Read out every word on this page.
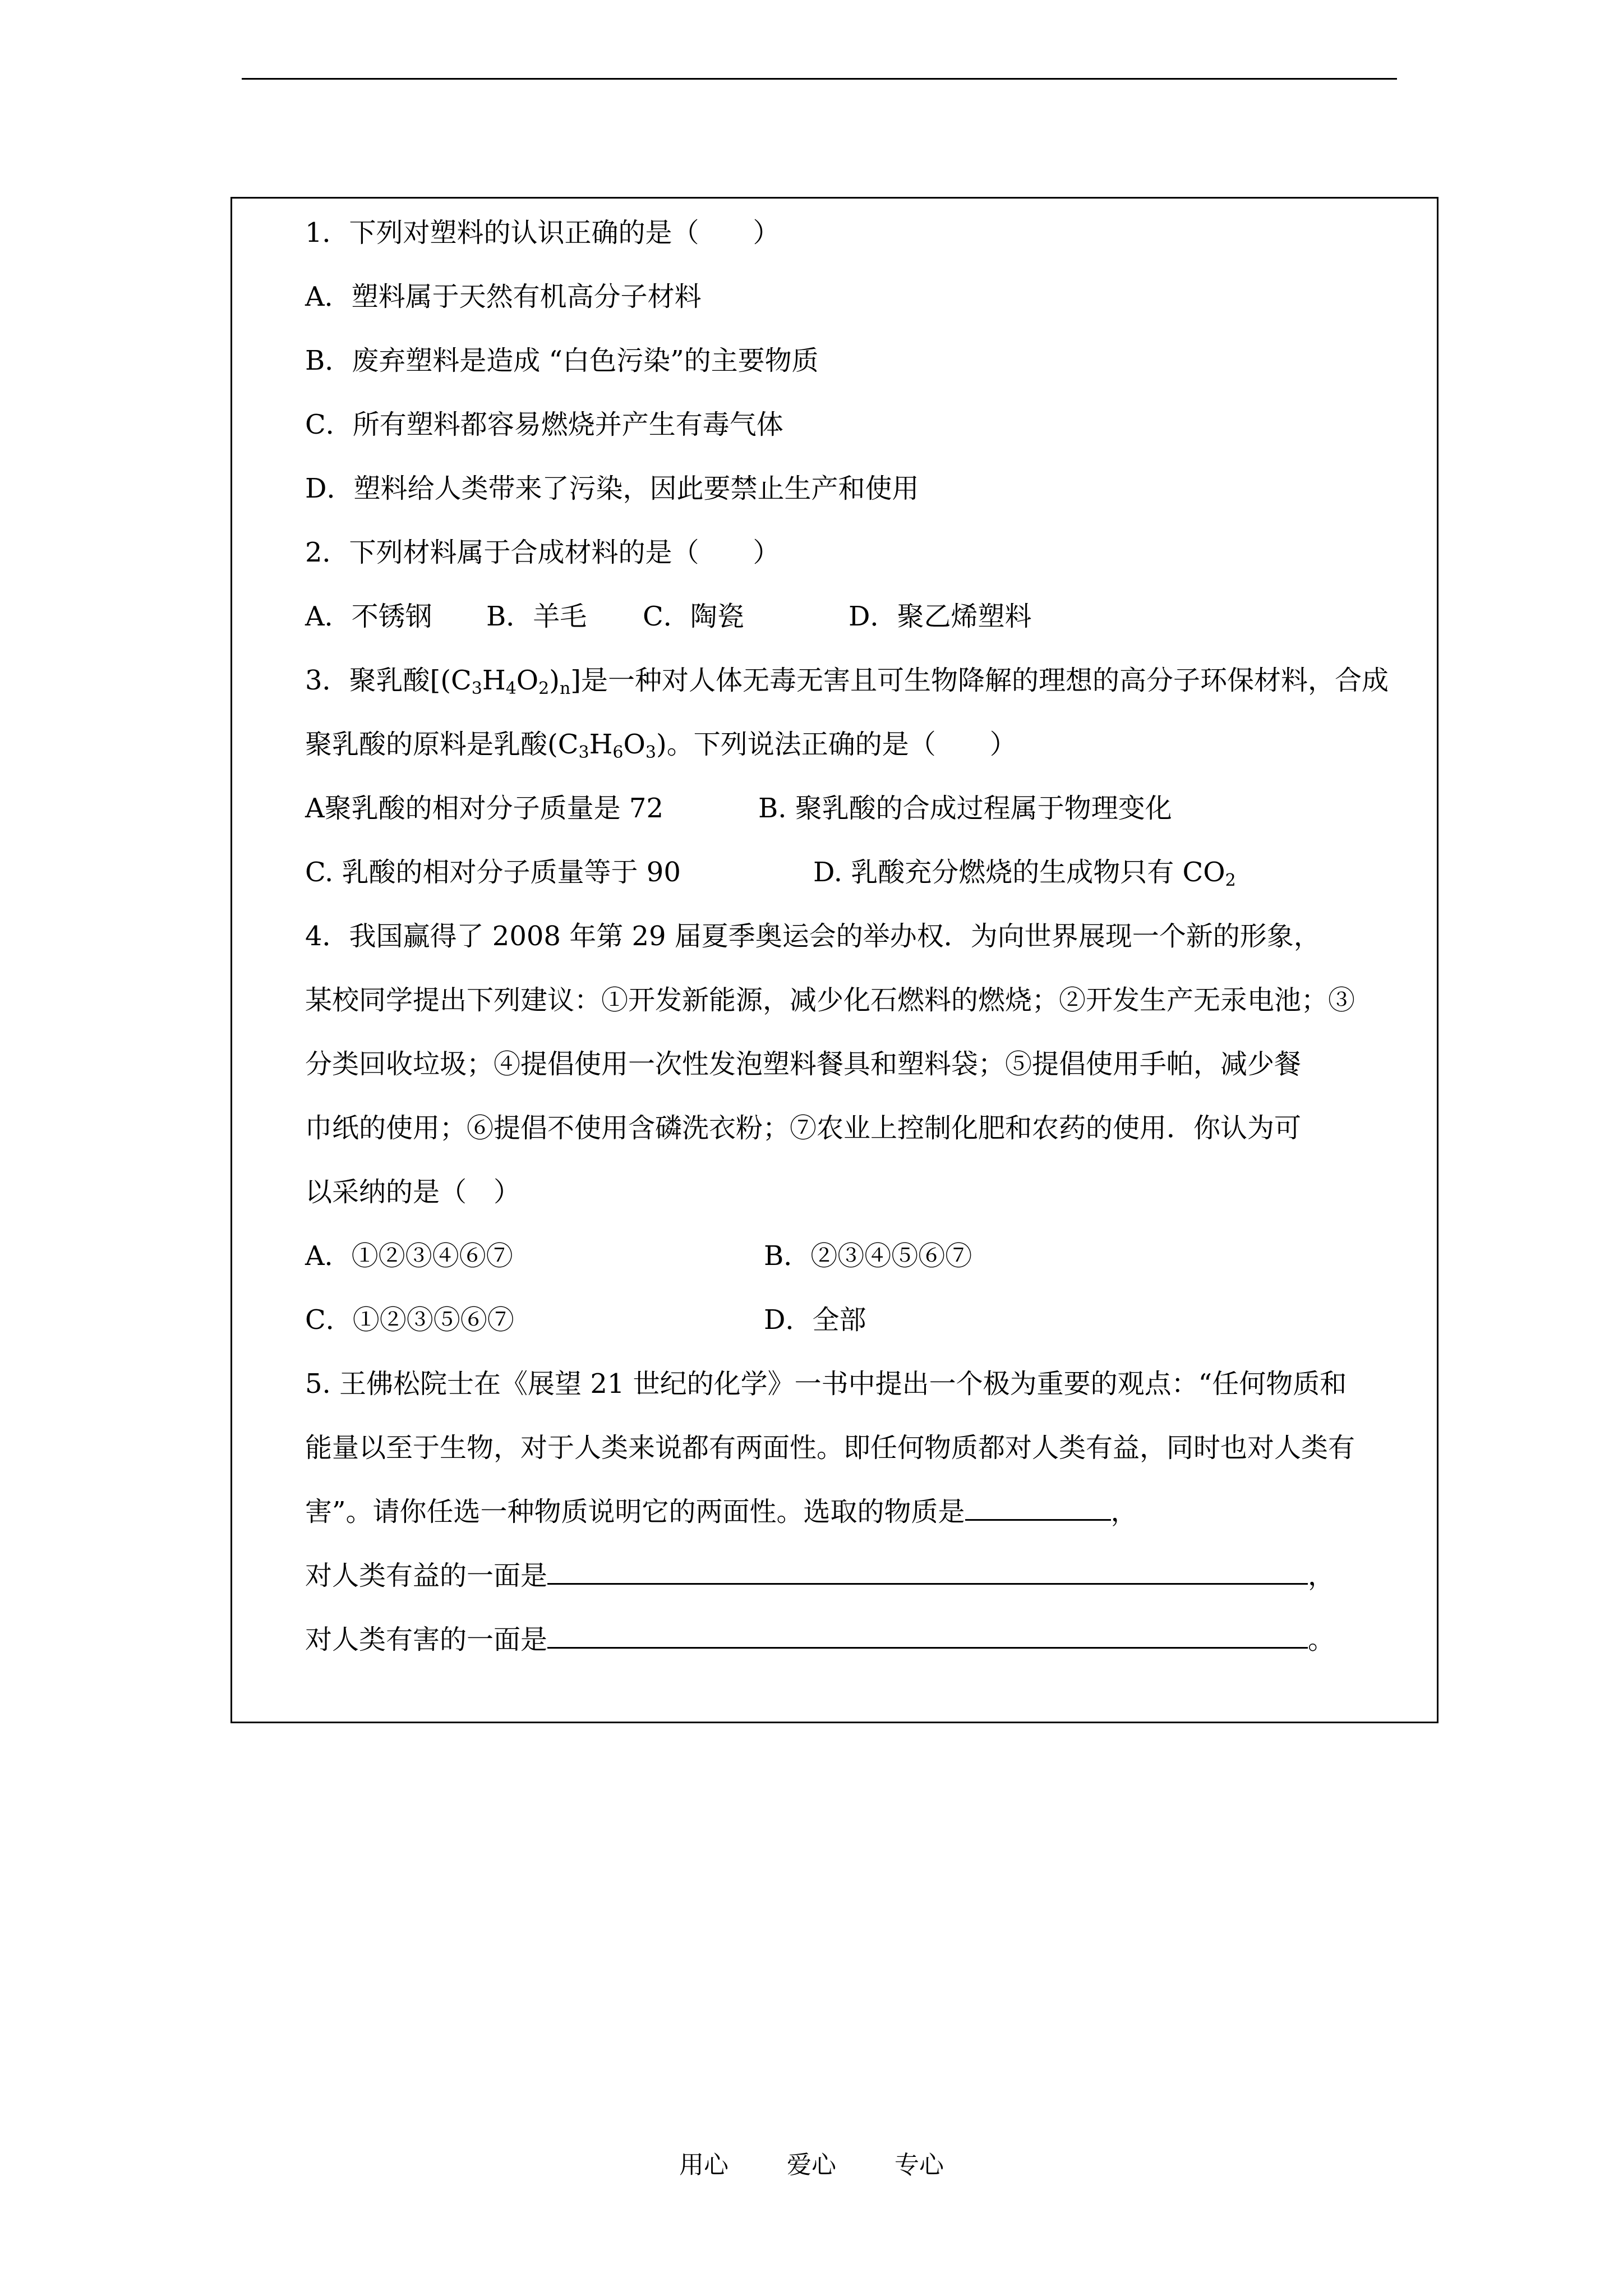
1．下列对塑料的认识正确的是（　　）
A．塑料属于天然有机高分子材料
B．废弃塑料是造成 “白色污染”的主要物质
C．所有塑料都容易燃烧并产生有毒气体
D．塑料给人类带来了污染，因此要禁止生产和使用
2．下列材料属于合成材料的是（　　）
A．不锈钢 B．羊毛 C．陶瓷	D．聚乙烯塑料
3．聚乳酸$[(C_3H_4O_2)_n]$是一种对人体无毒无害且可生物降解的理想的高分子环保材料，合成
聚乳酸的原料是乳酸$(C_3H_6O_3)$。下列说法正确的是（　　）
A聚乳酸的相对分子质量是 72	B. 聚乳酸的合成过程属于物理变化
C. 乳酸的相对分子质量等于 90	D. 乳酸充分燃烧的生成物只有 $CO_2$
4．我国赢得了 2008 年第 29 届夏季奥运会的举办权．为向世界展现一个新的形象，
某校同学提出下列建议：①开发新能源，减少化石燃料的燃烧；②开发生产无汞电池；③
分类回收垃圾；④提倡使用一次性发泡塑料餐具和塑料袋；⑤提倡使用手帕，减少餐
巾纸的使用；⑥提倡不使用含磷洗衣粉；⑦农业上控制化肥和农药的使用．你认为可
以采纳的是（　）
A．①②③④⑥⑦	B．②③④⑤⑥⑦
C．①②③⑤⑥⑦	D．全部
5. 王佛松院士在《展望 21 世纪的化学》一书中提出一个极为重要的观点：“任何物质和
能量以至于生物，对于人类来说都有两面性。即任何物质都对人类有益，同时也对人类有
害”。请你任选一种物质说明它的两面性。选取的物质是	，
对人类有益的一面是	，
对人类有害的一面是	。
用心 爱心 专心
